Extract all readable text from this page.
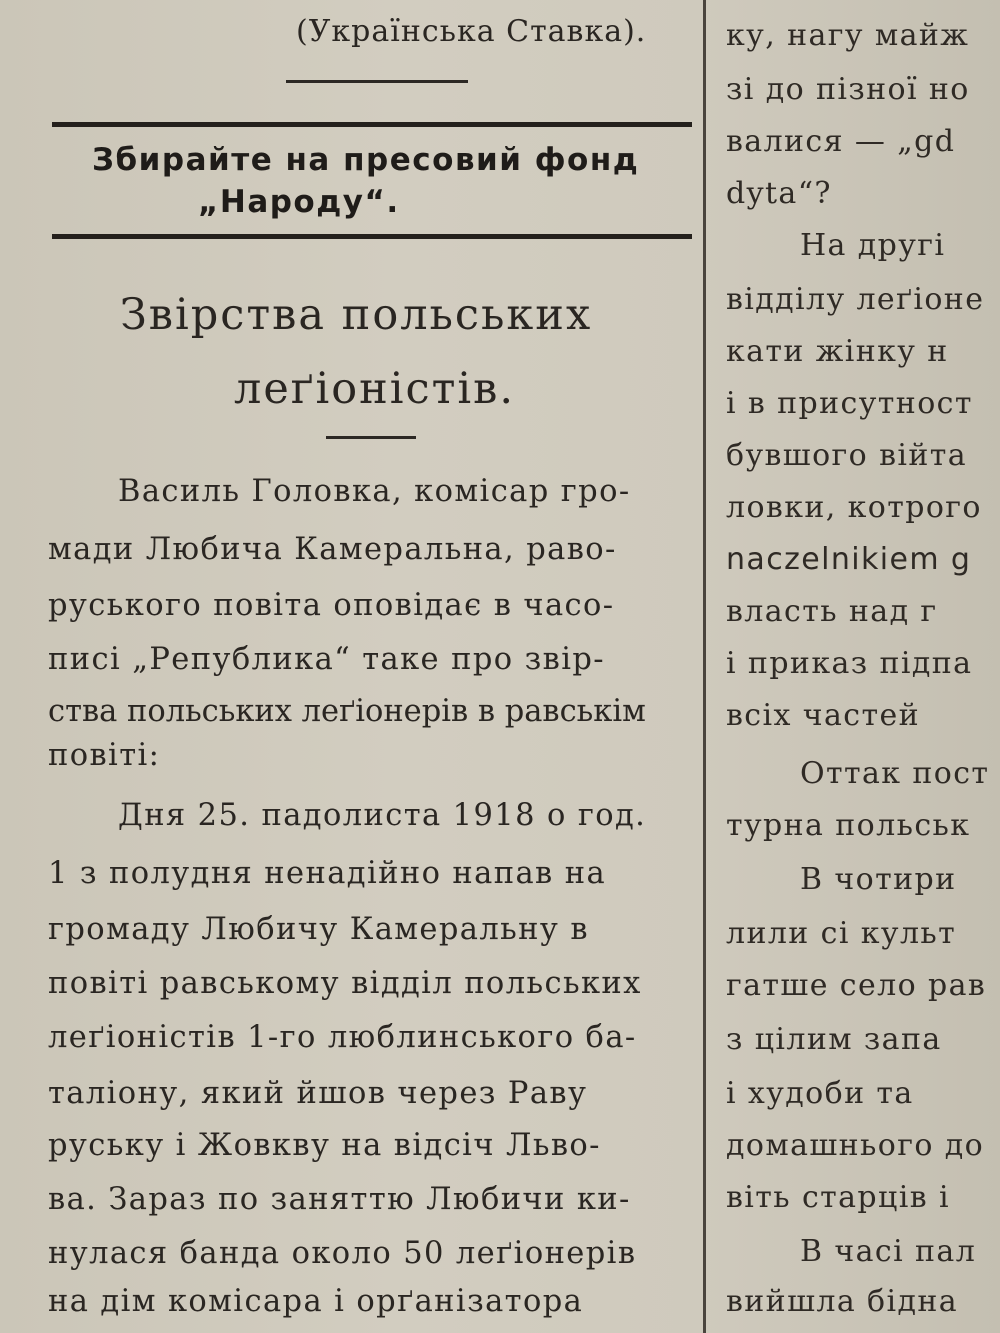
(Українська Ставка).
Збирайте на пресовий фонд
„Народу“.
Звірства польських
леґіоністів.
Василь Головка, комісар гро-
мади Любича Камеральна, раво-
руського повіта оповідає в часо-
писі „Република“ таке про звір-
ства польських леґіонерів в равськім
повіті:
Дня 25. падолиста 1918 о год.
1 з полудня ненадійно напав на
громаду Любичу Камеральну в
повіті равському відділ польських
леґіоністів 1-го люблинського ба-
таліону, який йшов через Раву
руську і Жовкву на відсіч Льво-
ва. Зараз по заняттю Любичи ки-
нулася банда около 50 леґіонерів
на дім комісара і орґанізатора
ку, нагу майж
зі до пізної но
валися — „gd
dyta“?
На другі
відділу леґіоне
кати жінку н
і в присутност
бувшого війта
ловки, котрого
naczelnikiem g
власть над г
і приказ підпа
всіх частей
Оттак пост
турна польськ
В чотири
лили сі культ
гатше село рав
з цілим запа
і худоби та
домашнього до
віть старців і
В часі пал
вийшла бідна
